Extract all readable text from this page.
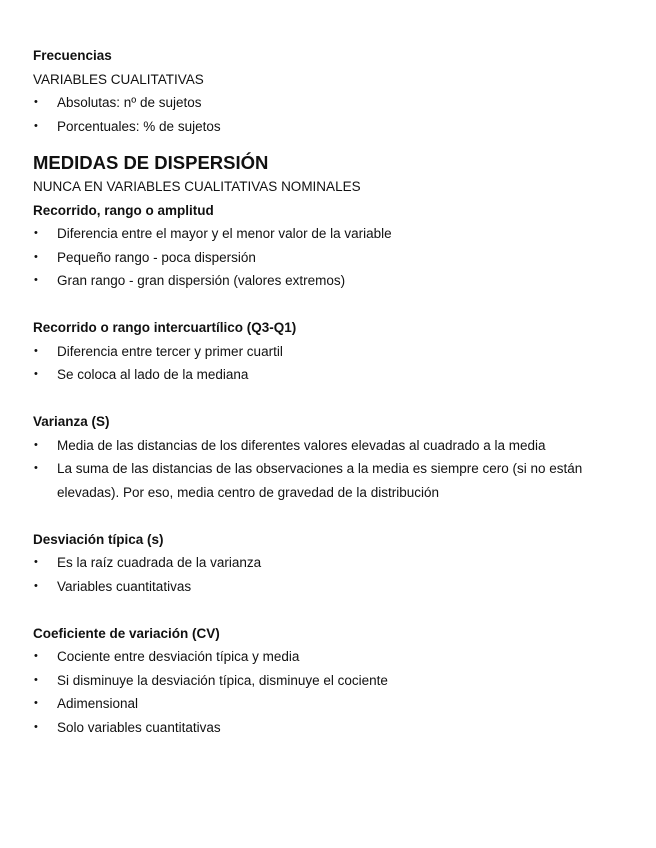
Frecuencias
VARIABLES CUALITATIVAS
• Absolutas: nº de sujetos
• Porcentuales: % de sujetos
MEDIDAS DE DISPERSIÓN
NUNCA EN VARIABLES CUALITATIVAS NOMINALES
Recorrido, rango o amplitud
• Diferencia entre el mayor y el menor valor de la variable
• Pequeño rango - poca dispersión
• Gran rango - gran dispersión (valores extremos)
Recorrido o rango intercuartílico (Q3-Q1)
• Diferencia entre tercer y primer cuartil
• Se coloca al lado de la mediana
Varianza (S)
• Media de las distancias de los diferentes valores elevadas al cuadrado a la media
• La suma de las distancias de las observaciones a la media es siempre cero (si no están elevadas). Por eso, media centro de gravedad de la distribución
Desviación típica (s)
• Es la raíz cuadrada de la varianza
• Variables cuantitativas
Coeficiente de variación (CV)
• Cociente entre desviación típica y media
• Si disminuye la desviación típica, disminuye el cociente
• Adimensional
• Solo variables cuantitativas
